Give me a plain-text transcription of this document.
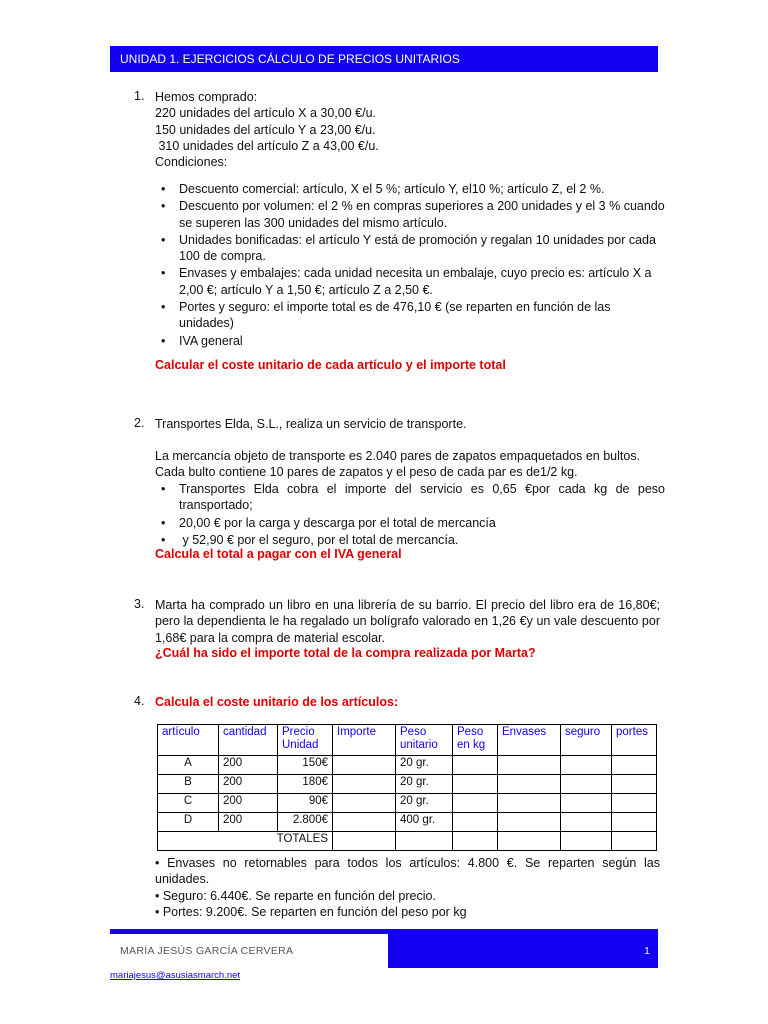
UNIDAD 1. EJERCICIOS CÁLCULO DE PRECIOS UNITARIOS
1. Hemos comprado:
220 unidades del artículo X a 30,00 €/u.
150 unidades del artículo Y a 23,00 €/u.
310 unidades del artículo Z a 43,00 €/u.
Condiciones:
• Descuento comercial: artículo, X el 5 %; artículo Y, el10 %; artículo Z, el 2 %.
• Descuento por volumen: el 2 % en compras superiores a 200 unidades y el 3 % cuando se superen las 300 unidades del mismo artículo.
• Unidades bonificadas: el artículo Y está de promoción y regalan 10 unidades por cada 100 de compra.
• Envases y embalajes: cada unidad necesita un embalaje, cuyo precio es: artículo X a 2,00 €; artículo Y a 1,50 €; artículo Z a 2,50 €.
• Portes y seguro: el importe total es de 476,10 € (se reparten en función de las unidades)
• IVA general
Calcular el coste unitario de cada artículo y el importe total
2. Transportes Elda, S.L., realiza un servicio de transporte.
La mercancía objeto de transporte es 2.040 pares de zapatos empaquetados en bultos. Cada bulto contiene 10 pares de zapatos y el peso de cada par es de1/2 kg.
• Transportes Elda cobra el importe del servicio es 0,65 €por cada kg de peso transportado;
• 20,00 € por la carga y descarga por el total de mercancía
•  y 52,90 € por el seguro, por el total de mercancía.
Calcula el total a pagar con el IVA general
3. Marta ha comprado un libro en una librería de su barrio. El precio del libro era de 16,80€; pero la dependienta le ha regalado un bolígrafo valorado en 1,26 €y un vale descuento por 1,68€ para la compra de material escolar.
¿Cuál ha sido el importe total de la compra realizada por Marta?
4. Calcula el coste unitario de los artículos:
artículo	cantidad	Precio Unidad	Importe	Peso unitario	Peso en kg	Envases	seguro	portes
A	200	150€		20 gr.				
B	200	180€		20 gr.				
C	200	90€		20 gr.				
D	200	2.800€		400 gr.				
TOTALES								
• Envases no retornables para todos los artículos: 4.800 €. Se reparten según las unidades.
• Seguro: 6.440€. Se reparte en función del precio.
• Portes: 9.200€. Se reparten en función del peso por kg
MARÍA JESÚS GARCÍA CERVERA	1
mariajesus@asusiasmarch.net
